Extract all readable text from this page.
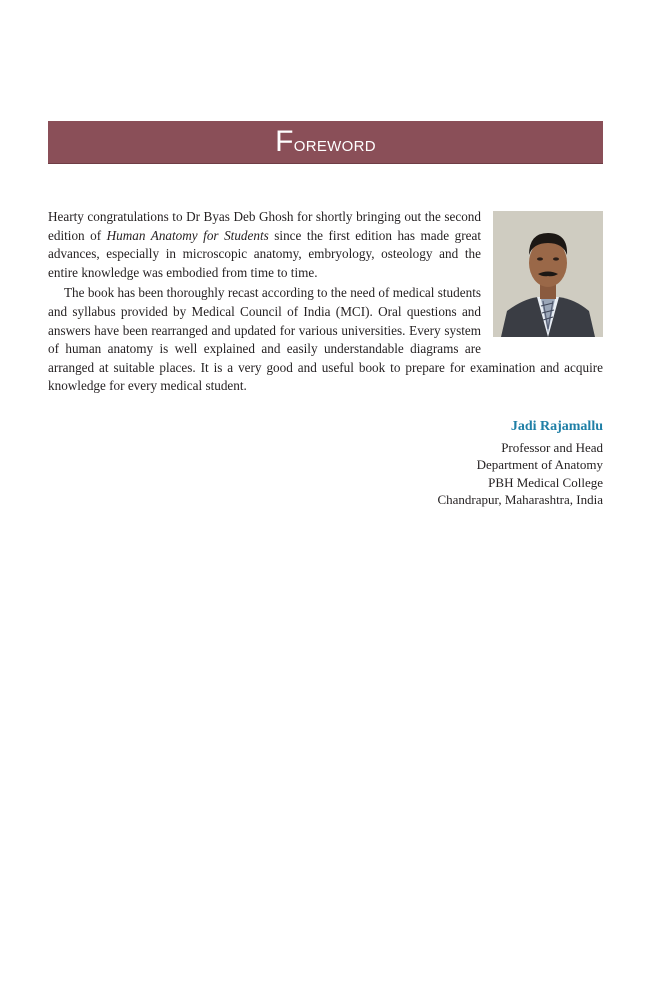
Foreword

Hearty congratulations to Dr Byas Deb Ghosh for shortly bringing out the second edition of Human Anatomy for Students since the first edition has made great advances, especially in microscopic anatomy, embryology, osteology and the entire knowledge was embodied from time to time.

The book has been thoroughly recast according to the need of medical students and syllabus provided by Medical Council of India (MCI). Oral questions and answers have been rearranged and updated for various universities. Every system of human anatomy is well explained and easily understandable diagrams are arranged at suitable places. It is a very good and useful book to prepare for examination and acquire knowledge for every medical student.

Jadi Rajamallu
Professor and Head
Department of Anatomy
PBH Medical College
Chandrapur, Maharashtra, India
